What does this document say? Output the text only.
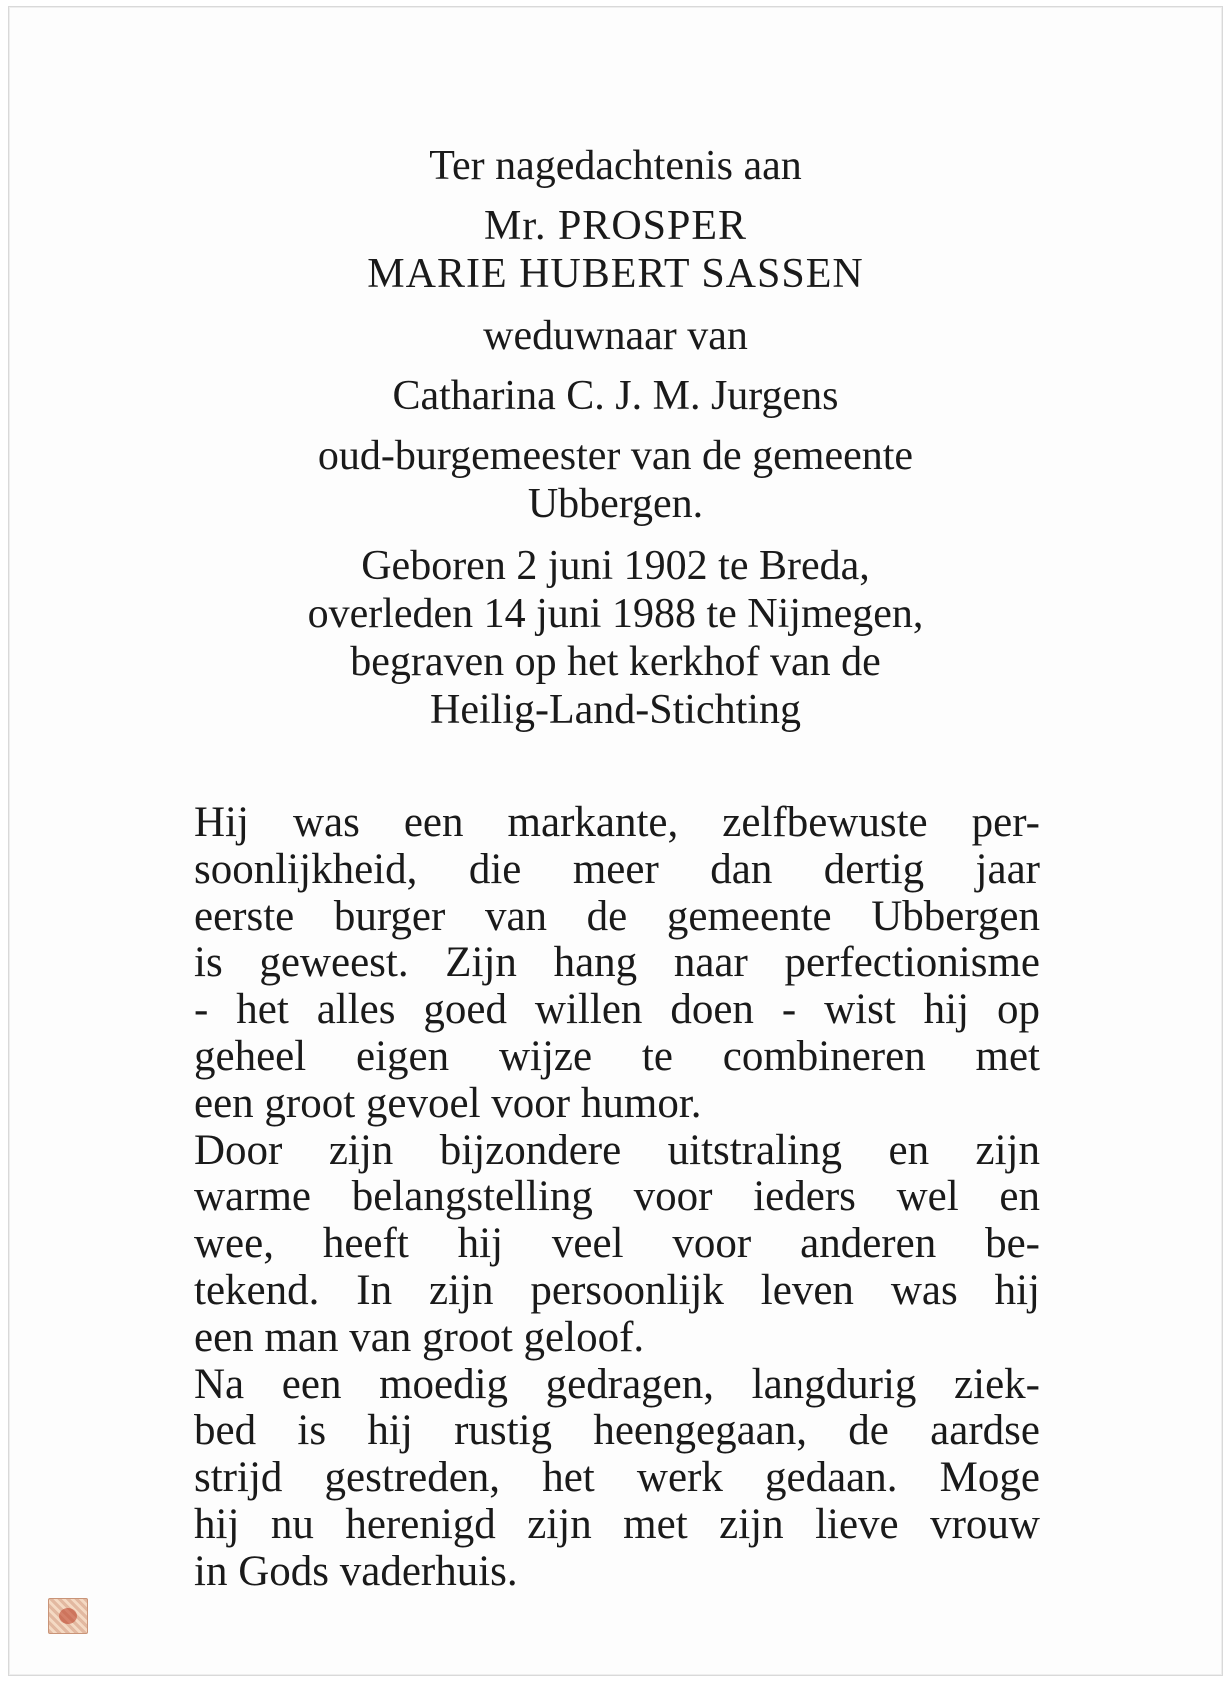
Ter nagedachtenis aan
Mr. PROSPER
MARIE HUBERT SASSEN
weduwnaar van
Catharina C. J. M. Jurgens
oud-burgemeester van de gemeente
Ubbergen.
Geboren 2 juni 1902 te Breda,
overleden 14 juni 1988 te Nijmegen,
begraven op het kerkhof van de
Heilig-Land-Stichting
Hij was een markante, zelfbewuste per-
soonlijkheid, die meer dan dertig jaar
eerste burger van de gemeente Ubbergen
is geweest. Zijn hang naar perfectionisme
- het alles goed willen doen - wist hij op
geheel eigen wijze te combineren met
een groot gevoel voor humor.
Door zijn bijzondere uitstraling en zijn
warme belangstelling voor ieders wel en
wee, heeft hij veel voor anderen be-
tekend. In zijn persoonlijk leven was hij
een man van groot geloof.
Na een moedig gedragen, langdurig ziek-
bed is hij rustig heengegaan, de aardse
strijd gestreden, het werk gedaan. Moge
hij nu herenigd zijn met zijn lieve vrouw
in Gods vaderhuis.
